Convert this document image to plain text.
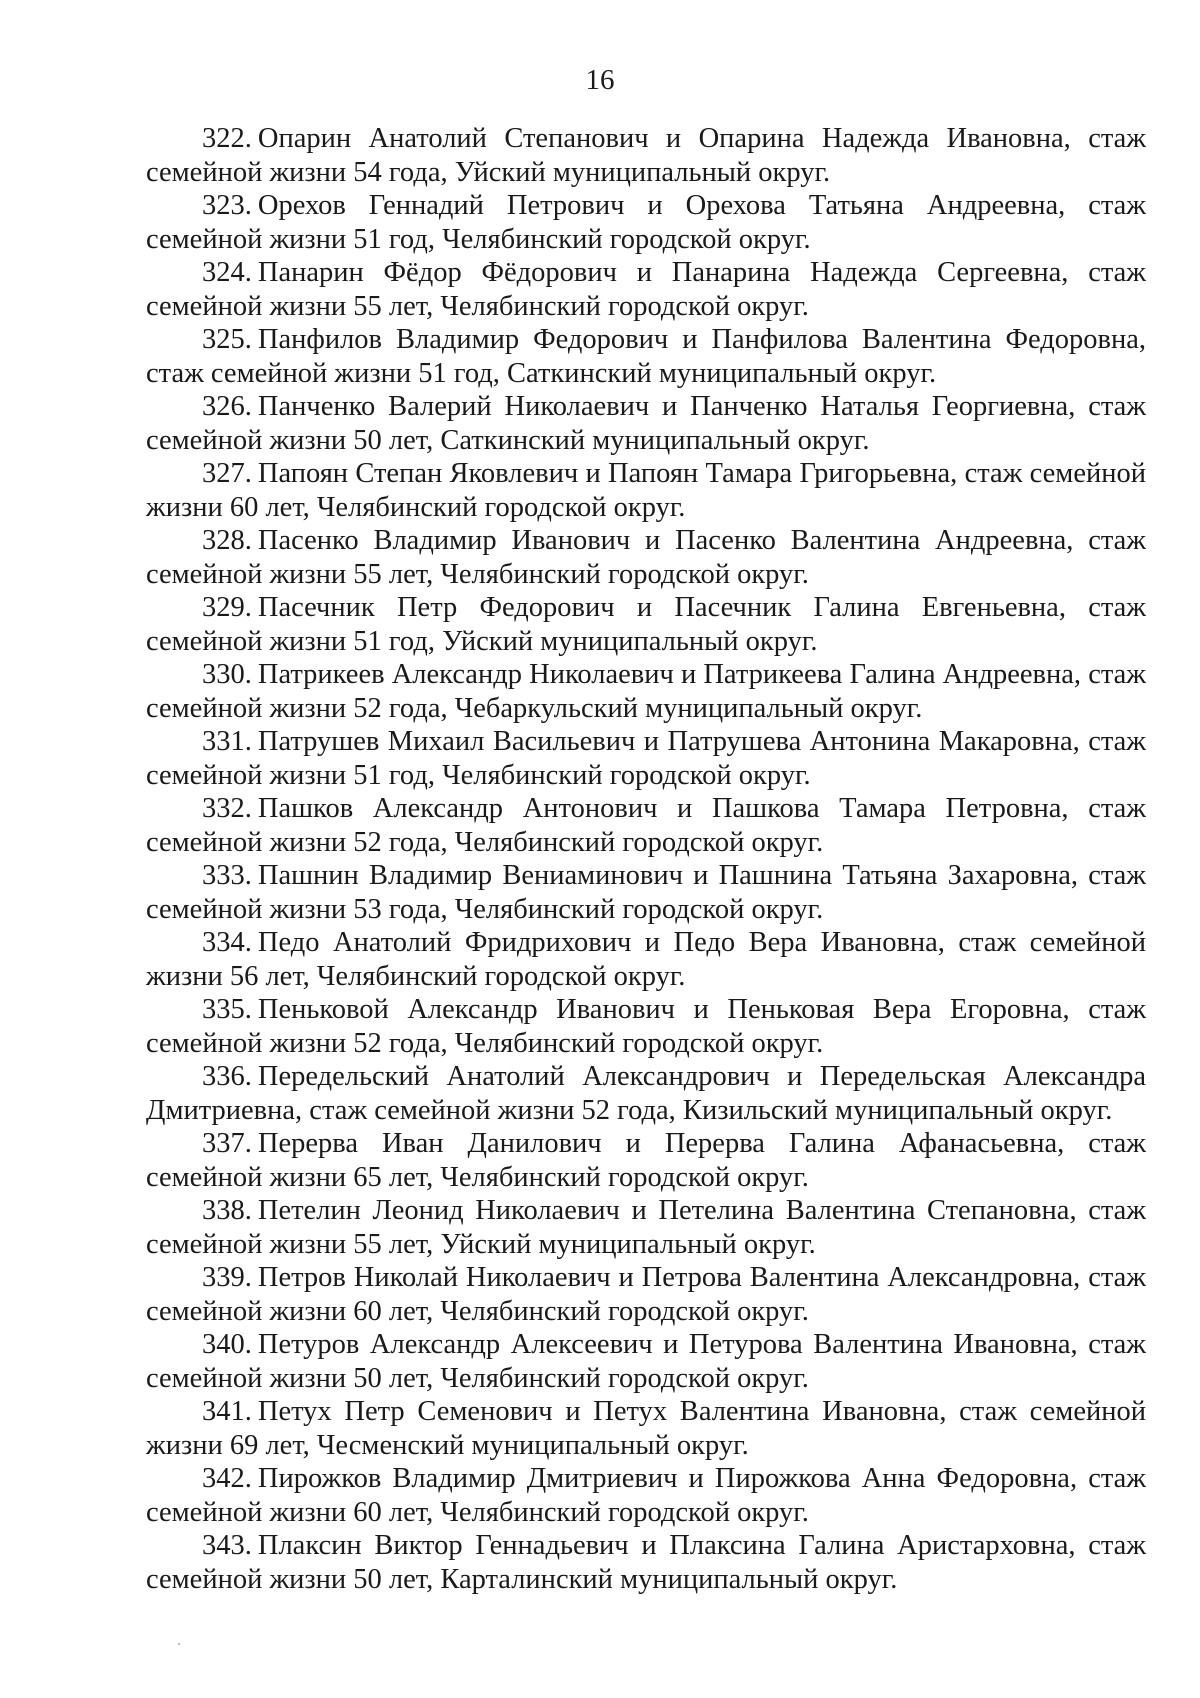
16

322. Опарин Анатолий Степанович и Опарина Надежда Ивановна, стаж семейной жизни 54 года, Уйский муниципальный округ.

323. Орехов Геннадий Петрович и Орехова Татьяна Андреевна, стаж семейной жизни 51 год, Челябинский городской округ.

324. Панарин Фёдор Фёдорович и Панарина Надежда Сергеевна, стаж семейной жизни 55 лет, Челябинский городской округ.

325. Панфилов Владимир Федорович и Панфилова Валентина Федоровна, стаж семейной жизни 51 год, Саткинский муниципальный округ.

326. Панченко Валерий Николаевич и Панченко Наталья Георгиевна, стаж семейной жизни 50 лет, Саткинский муниципальный округ.

327. Папоян Степан Яковлевич и Папоян Тамара Григорьевна, стаж семейной жизни 60 лет, Челябинский городской округ.

328. Пасенко Владимир Иванович и Пасенко Валентина Андреевна, стаж семейной жизни 55 лет, Челябинский городской округ.

329. Пасечник Петр Федорович и Пасечник Галина Евгеньевна, стаж семейной жизни 51 год, Уйский муниципальный округ.

330. Патрикеев Александр Николаевич и Патрикеева Галина Андреевна, стаж семейной жизни 52 года, Чебаркульский муниципальный округ.

331. Патрушев Михаил Васильевич и Патрушева Антонина Макаровна, стаж семейной жизни 51 год, Челябинский городской округ.

332. Пашков Александр Антонович и Пашкова Тамара Петровна, стаж семейной жизни 52 года, Челябинский городской округ.

333. Пашнин Владимир Вениаминович и Пашнина Татьяна Захаровна, стаж семейной жизни 53 года, Челябинский городской округ.

334. Педо Анатолий Фридрихович и Педо Вера Ивановна, стаж семейной жизни 56 лет, Челябинский городской округ.

335. Пеньковой Александр Иванович и Пеньковая Вера Егоровна, стаж семейной жизни 52 года, Челябинский городской округ.

336. Передельский Анатолий Александрович и Передельская Александра Дмитриевна, стаж семейной жизни 52 года, Кизильский муниципальный округ.

337. Перерва Иван Данилович и Перерва Галина Афанасьевна, стаж семейной жизни 65 лет, Челябинский городской округ.

338. Петелин Леонид Николаевич и Петелина Валентина Степановна, стаж семейной жизни 55 лет, Уйский муниципальный округ.

339. Петров Николай Николаевич и Петрова Валентина Александровна, стаж семейной жизни 60 лет, Челябинский городской округ.

340. Петуров Александр Алексеевич и Петурова Валентина Ивановна, стаж семейной жизни 50 лет, Челябинский городской округ.

341. Петух Петр Семенович и Петух Валентина Ивановна, стаж семейной жизни 69 лет, Чесменский муниципальный округ.

342. Пирожков Владимир Дмитриевич и Пирожкова Анна Федоровна, стаж семейной жизни 60 лет, Челябинский городской округ.

343. Плаксин Виктор Геннадьевич и Плаксина Галина Аристарховна, стаж семейной жизни 50 лет, Карталинский муниципальный округ.
